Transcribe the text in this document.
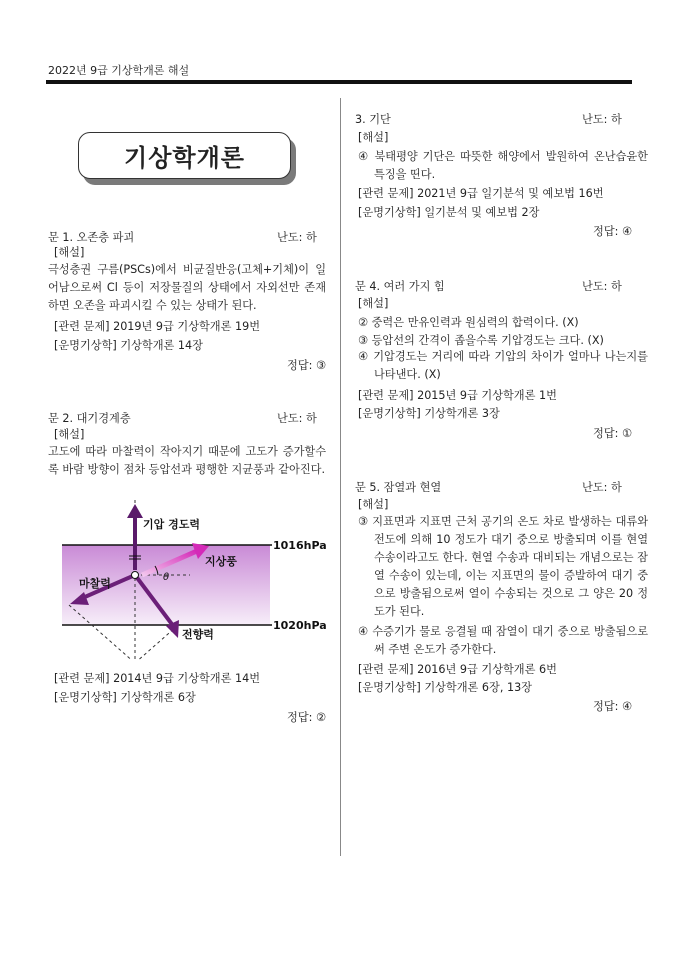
2022년 9급 기상학개론 해설
기상학개론
문 1. 오존층 파괴	난도: 하
[해설]
극성층권 구름(PSCs)에서 비균질반응(고체+기체)이 일어남으로써 Cl 등이 저장물질의 상태에서 자외선만 존재하면 오존을 파괴시킬 수 있는 상태가 된다.
[관련 문제] 2019년 9급 기상학개론 19번
[운명기상학] 기상학개론 14장
정답: ③
문 2. 대기경계층	난도: 하
[해설]
고도에 따라 마찰력이 작아지기 때문에 고도가 증가할수록 바람 방향이 점차 등압선과 평행한 지균풍과 같아진다.
기압 경도력
지상풍
마찰력
전향력
1016hPa
1020hPa
θ
[관련 문제] 2014년 9급 기상학개론 14번
[운명기상학] 기상학개론 6장
정답: ②
3. 기단	난도: 하
[해설]
④ 북태평양 기단은 따뜻한 해양에서 발원하여 온난습윤한 특징을 띤다.
[관련 문제] 2021년 9급 일기분석 및 예보법 16번
[운명기상학] 일기분석 및 예보법 2장
정답: ④
문 4. 여러 가지 힘	난도: 하
[해설]
② 중력은 만유인력과 원심력의 합력이다. (X)
③ 등압선의 간격이 좁을수록 기압경도는 크다. (X)
④ 기압경도는 거리에 따라 기압의 차이가 얼마나 나는지를 나타낸다. (X)
[관련 문제] 2015년 9급 기상학개론 1번
[운명기상학] 기상학개론 3장
정답: ①
문 5. 잠열과 현열	난도: 하
[해설]
③ 지표면과 지표면 근처 공기의 온도 차로 발생하는 대류와 전도에 의해 10 정도가 대기 중으로 방출되며 이를 현열 수송이라고도 한다. 현열 수송과 대비되는 개념으로는 잠열 수송이 있는데, 이는 지표면의 물이 증발하여 대기 중으로 방출됨으로써 열이 수송되는 것으로 그 양은 20 정도가 된다.
④ 수증기가 물로 응결될 때 잠열이 대기 중으로 방출됨으로써 주변 온도가 증가한다.
[관련 문제] 2016년 9급 기상학개론 6번
[운명기상학] 기상학개론 6장, 13장
정답: ④
